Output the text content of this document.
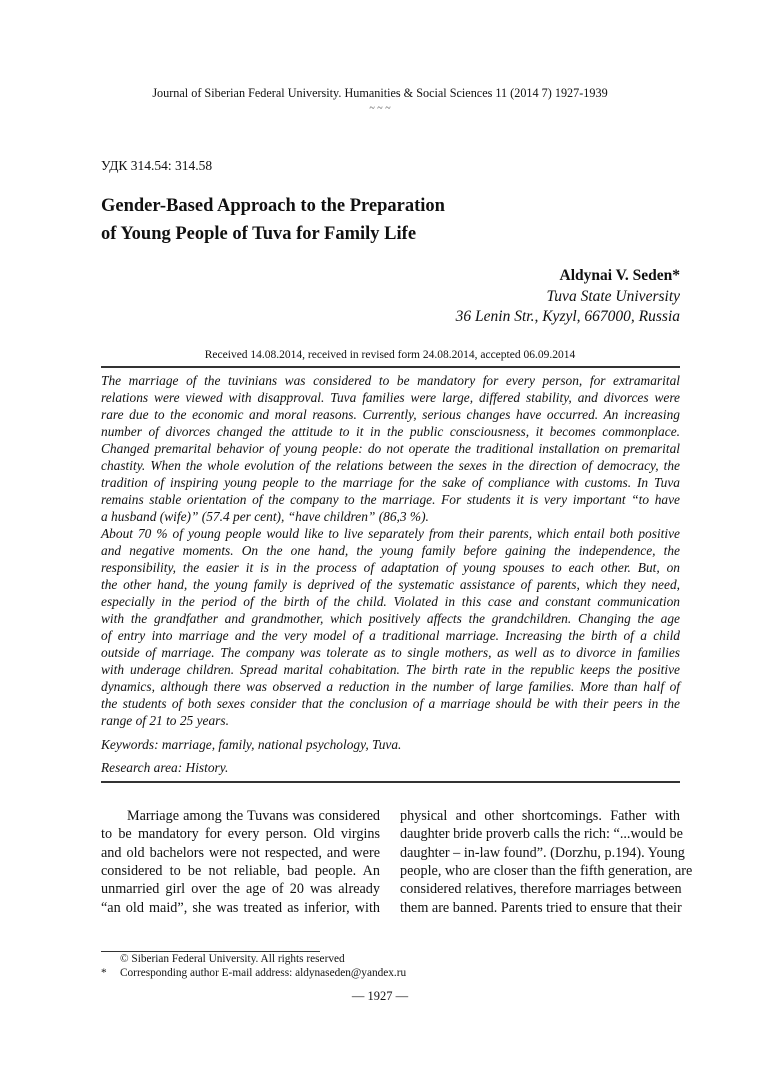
Journal of Siberian Federal University. Humanities & Social Sciences 11 (2014 7) 1927-1939
~ ~ ~
УДК 314.54: 314.58
Gender-Based Approach to the Preparation
of Young People of Tuva for Family Life
Aldynai V. Seden*
Tuva State University
36 Lenin Str., Kyzyl, 667000, Russia
Received 14.08.2014, received in revised form 24.08.2014, accepted 06.09.2014
The marriage of the tuvinians was considered to be mandatory for every person, for extramarital
relations were viewed with disapproval. Tuva families were large, differed stability, and divorces were
rare due to the economic and moral reasons. Currently, serious changes have occurred. An increasing
number of divorces changed the attitude to it in the public consciousness, it becomes commonplace.
Changed premarital behavior of young people: do not operate the traditional installation on premarital
chastity. When the whole evolution of the relations between the sexes in the direction of democracy, the
tradition of inspiring young people to the marriage for the sake of compliance with customs. In Tuva
remains stable orientation of the company to the marriage. For students it is very important “to have
a husband (wife)” (57.4 per cent), “have children” (86,3 %).
About 70 % of young people would like to live separately from their parents, which entail both positive
and negative moments. On the one hand, the young family before gaining the independence, the
responsibility, the easier it is in the process of adaptation of young spouses to each other. But, on
the other hand, the young family is deprived of the systematic assistance of parents, which they need,
especially in the period of the birth of the child. Violated in this case and constant communication
with the grandfather and grandmother, which positively affects the grandchildren. Changing the age
of entry into marriage and the very model of a traditional marriage. Increasing the birth of a child
outside of marriage. The company was tolerate as to single mothers, as well as to divorce in families
with underage children. Spread marital cohabitation. The birth rate in the republic keeps the positive
dynamics, although there was observed a reduction in the number of large families. More than half of
the students of both sexes consider that the conclusion of a marriage should be with their peers in the
range of 21 to 25 years.
Keywords: marriage, family, national psychology, Tuva.
Research area: History.
Marriage among the Tuvans was considered
to be mandatory for every person. Old virgins
and old bachelors were not respected, and were
considered to be not reliable, bad people. An
unmarried girl over the age of 20 was already
“an old maid”, she was treated as inferior, with
physical and other shortcomings. Father with
daughter bride proverb calls the rich: “...would be
daughter – in-law found”. (Dorzhu, p.194). Young
people, who are closer than the fifth generation, are
considered relatives, therefore marriages between
them are banned. Parents tried to ensure that their
© Siberian Federal University. All rights reserved
* Corresponding author E-mail address: aldynaseden@yandex.ru
— 1927 —
